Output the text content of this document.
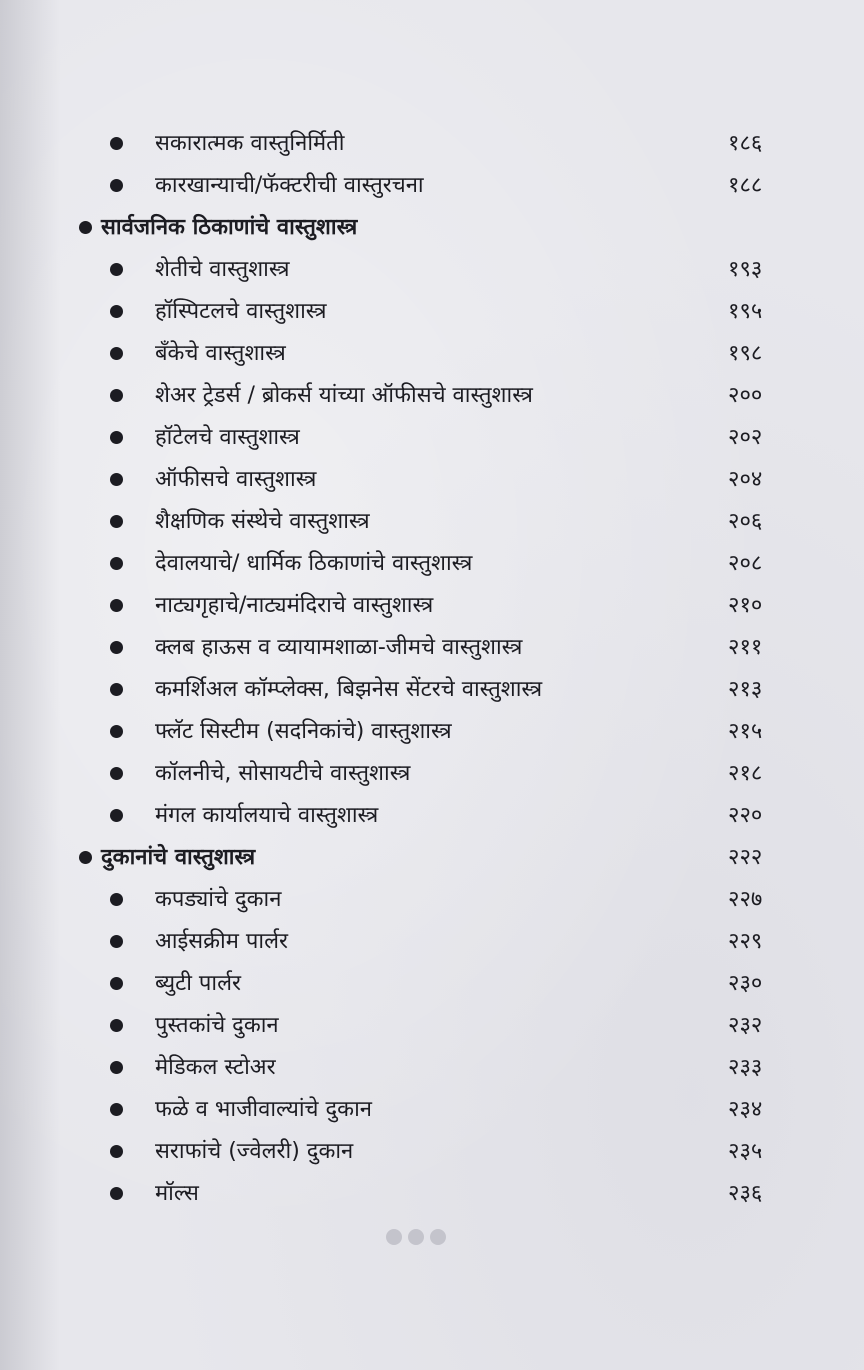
सकारात्मक वास्तुनिर्मिती	१८६
कारखान्याची/फॅक्टरीची वास्तुरचना	१८८
सार्वजनिक ठिकाणांचे वास्तुशास्त्र
शेतीचे वास्तुशास्त्र	१९३
हॉस्पिटलचे वास्तुशास्त्र	१९५
बँकेचे वास्तुशास्त्र	१९८
शेअर ट्रेडर्स / ब्रोकर्स यांच्या ऑफीसचे वास्तुशास्त्र	२००
हॉटेलचे वास्तुशास्त्र	२०२
ऑफीसचे वास्तुशास्त्र	२०४
शैक्षणिक संस्थेचे वास्तुशास्त्र	२०६
देवालयाचे/ धार्मिक ठिकाणांचे वास्तुशास्त्र	२०८
नाट्यगृहाचे/नाट्यमंदिराचे वास्तुशास्त्र	२१०
क्लब हाऊस व व्यायामशाळा-जीमचे वास्तुशास्त्र	२११
कमर्शिअल कॉम्प्लेक्स, बिझनेस सेंटरचे वास्तुशास्त्र	२१३
फ्लॅट सिस्टीम (सदनिकांचे) वास्तुशास्त्र	२१५
कॉलनीचे, सोसायटीचे वास्तुशास्त्र	२१८
मंगल कार्यालयाचे वास्तुशास्त्र	२२०
दुकानांचे वास्तुशास्त्र	२२२
कपड्यांचे दुकान	२२७
आईसक्रीम पार्लर	२२९
ब्युटी पार्लर	२३०
पुस्तकांचे दुकान	२३२
मेडिकल स्टोअर	२३३
फळे व भाजीवाल्यांचे दुकान	२३४
सराफांचे (ज्वेलरी) दुकान	२३५
मॉल्स	२३६
